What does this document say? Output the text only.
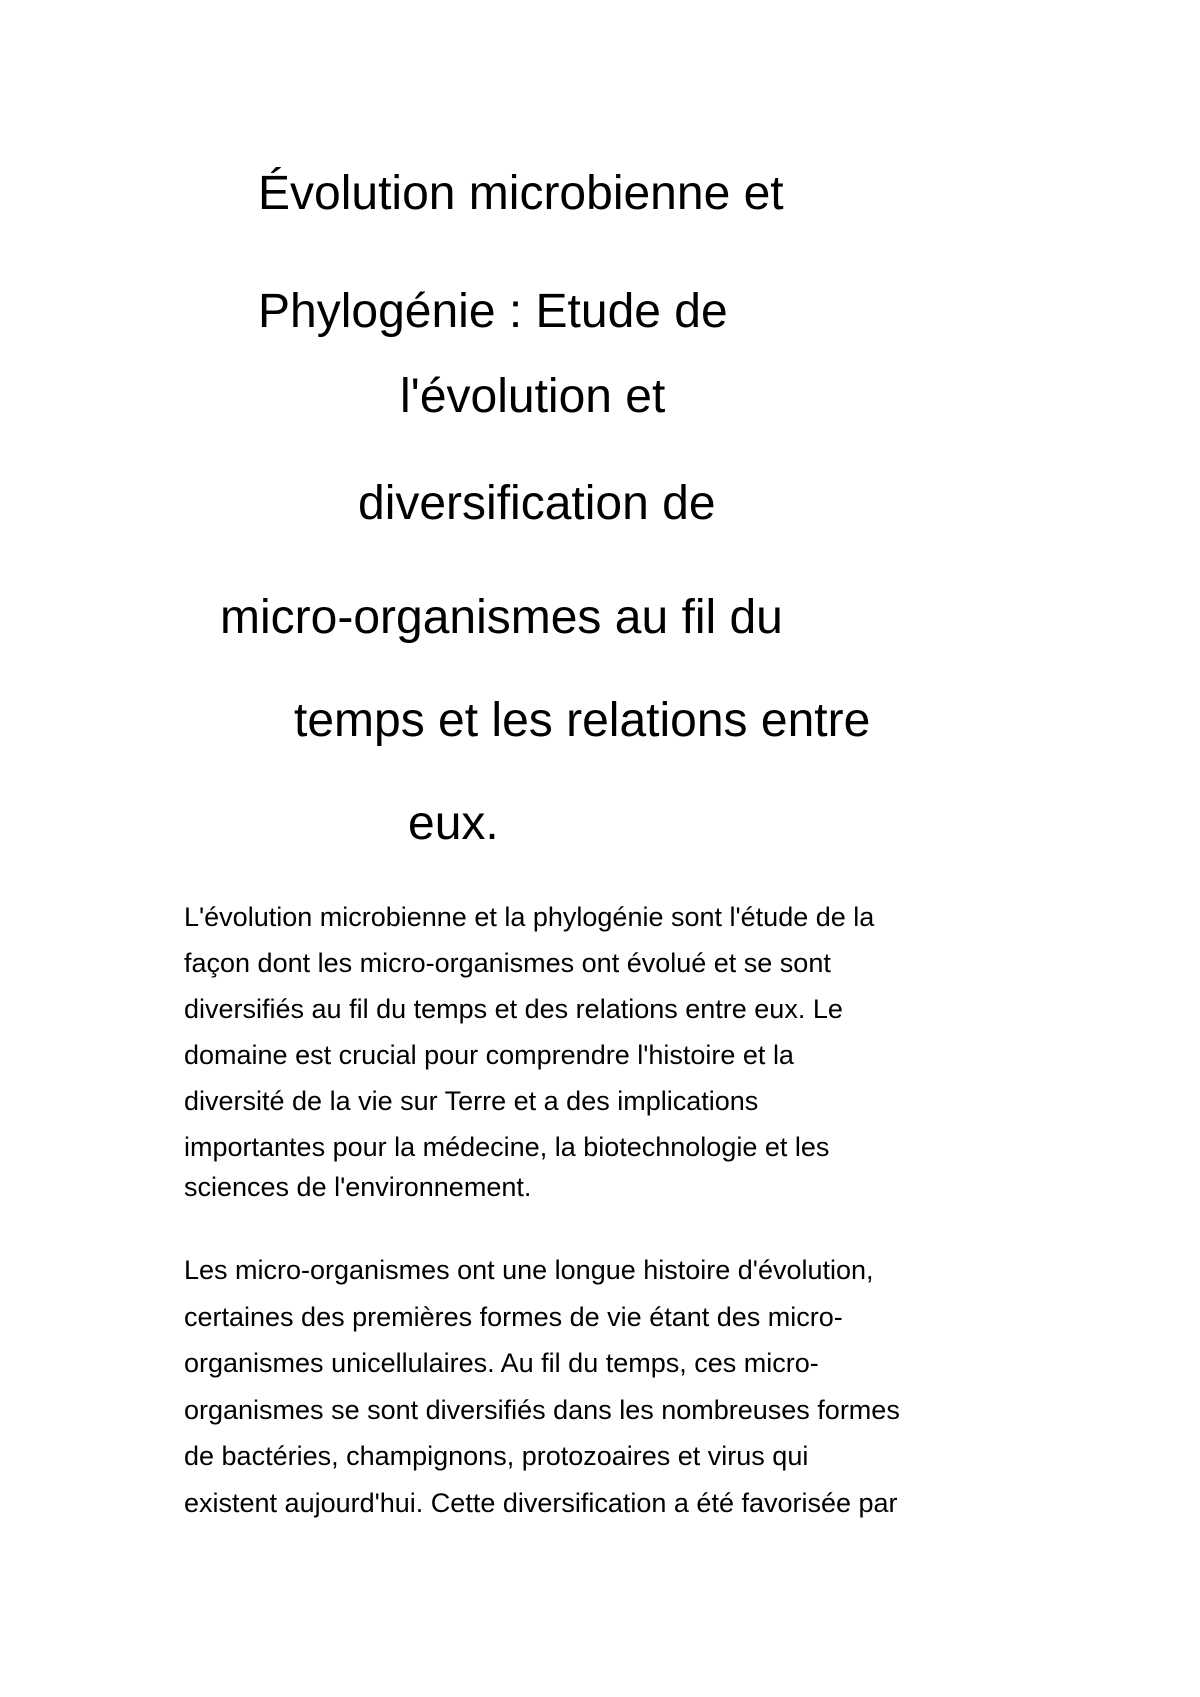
Évolution microbienne et
Phylogénie : Etude de
l'évolution et
diversification de
micro-organismes au fil du
temps et les relations entre
eux.
L'évolution microbienne et la phylogénie sont l'étude de la
façon dont les micro-organismes ont évolué et se sont
diversifiés au fil du temps et des relations entre eux. Le
domaine est crucial pour comprendre l'histoire et la
diversité de la vie sur Terre et a des implications
importantes pour la médecine, la biotechnologie et les
sciences de l'environnement.
Les micro-organismes ont une longue histoire d'évolution,
certaines des premières formes de vie étant des micro-
organismes unicellulaires. Au fil du temps, ces micro-
organismes se sont diversifiés dans les nombreuses formes
de bactéries, champignons, protozoaires et virus qui
existent aujourd'hui. Cette diversification a été favorisée par
